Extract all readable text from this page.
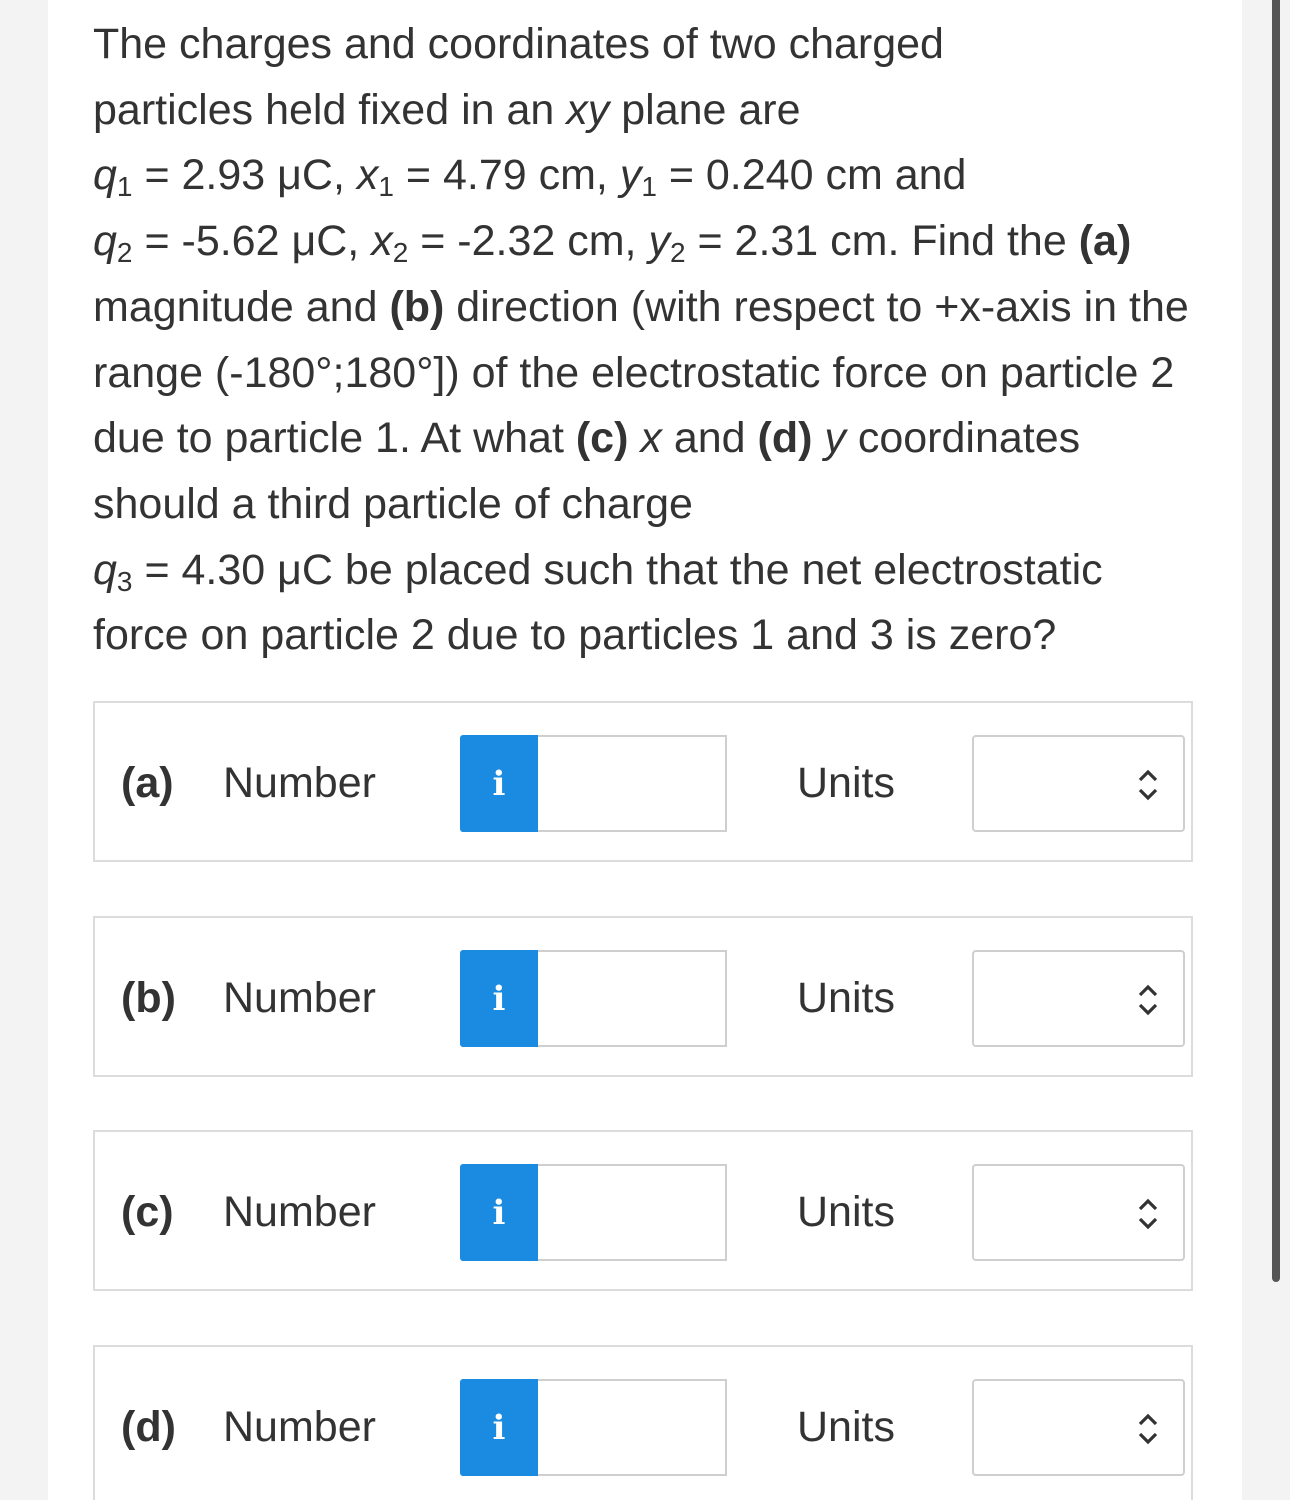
The charges and coordinates of two charged
particles held fixed in an xy plane are
$q_1 = 2.93$ μC, $x_1 = 4.79$ cm, $y_1 = 0.240$ cm and
$q_2 = -5.62$ μC, $x_2 = -2.32$ cm, $y_2 = 2.31$ cm. Find the (a)
magnitude and (b) direction (with respect to +x-axis in the range (-180°;180°]) of the electrostatic force on particle 2 due to particle 1. At what (c) x and (d) y coordinates should a third particle of charge
$q_3 = 4.30$ μC be placed such that the net electrostatic force on particle 2 due to particles 1 and 3 is zero?
(a) Number	i	Units
(b) Number	i	Units
(c) Number	i	Units
(d) Number	i	Units
